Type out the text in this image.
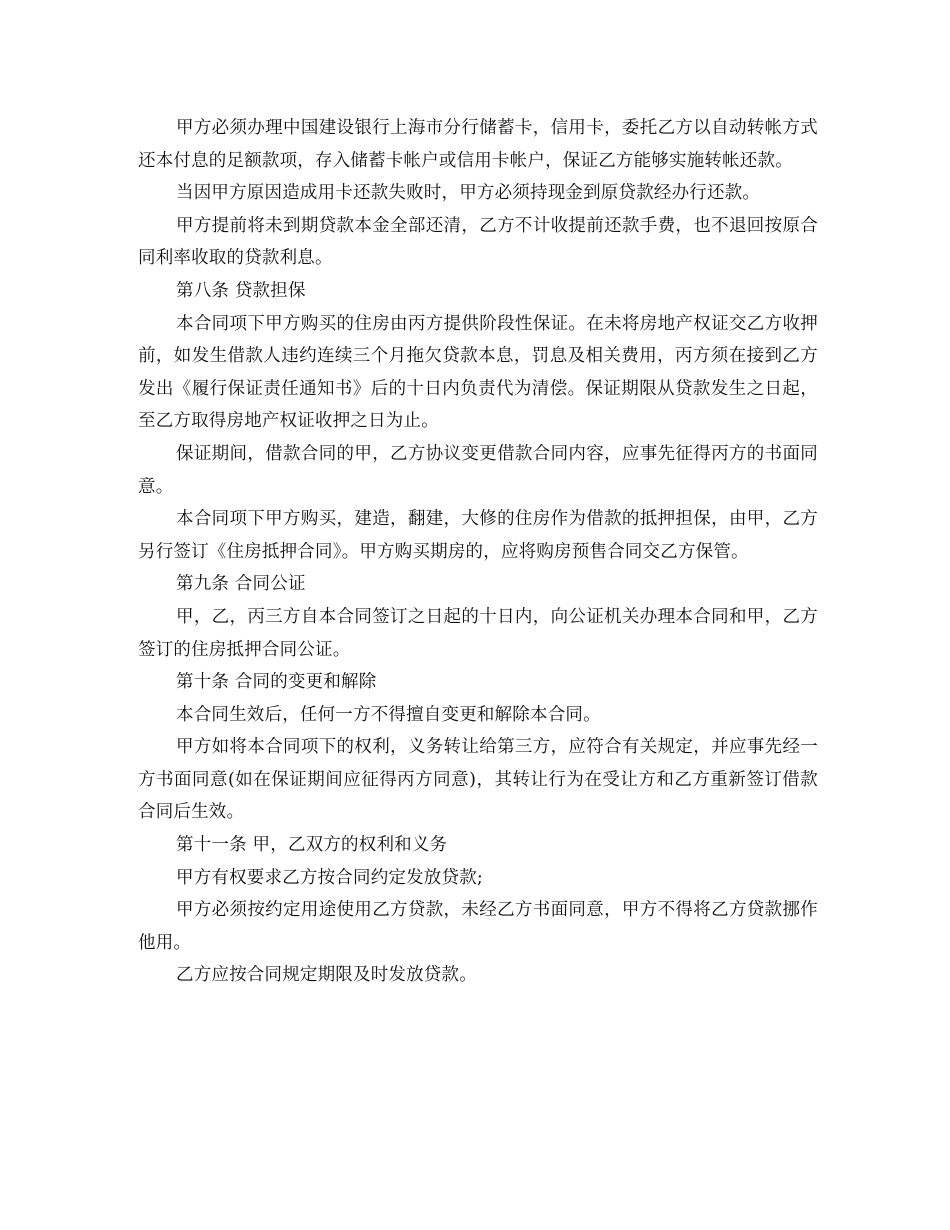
甲方必须办理中国建设银行上海市分行储蓄卡，信用卡，委托乙方以自动转帐方式还本付息的足额款项，存入储蓄卡帐户或信用卡帐户，保证乙方能够实施转帐还款。

当因甲方原因造成用卡还款失败时，甲方必须持现金到原贷款经办行还款。

甲方提前将未到期贷款本金全部还清，乙方不计收提前还款手费，也不退回按原合同利率收取的贷款利息。

第八条 贷款担保

本合同项下甲方购买的住房由丙方提供阶段性保证。在未将房地产权证交乙方收押前，如发生借款人违约连续三个月拖欠贷款本息，罚息及相关费用，丙方须在接到乙方发出《履行保证责任通知书》后的十日内负责代为清偿。保证期限从贷款发生之日起，至乙方取得房地产权证收押之日为止。

保证期间，借款合同的甲，乙方协议变更借款合同内容，应事先征得丙方的书面同意。

本合同项下甲方购买，建造，翻建，大修的住房作为借款的抵押担保，由甲，乙方另行签订《住房抵押合同》。甲方购买期房的，应将购房预售合同交乙方保管。

第九条 合同公证

甲，乙，丙三方自本合同签订之日起的十日内，向公证机关办理本合同和甲，乙方签订的住房抵押合同公证。

第十条 合同的变更和解除

本合同生效后，任何一方不得擅自变更和解除本合同。

甲方如将本合同项下的权利，义务转让给第三方，应符合有关规定，并应事先经一方书面同意(如在保证期间应征得丙方同意)，其转让行为在受让方和乙方重新签订借款合同后生效。

第十一条 甲，乙双方的权利和义务

甲方有权要求乙方按合同约定发放贷款;

甲方必须按约定用途使用乙方贷款，未经乙方书面同意，甲方不得将乙方贷款挪作他用。

乙方应按合同规定期限及时发放贷款。
